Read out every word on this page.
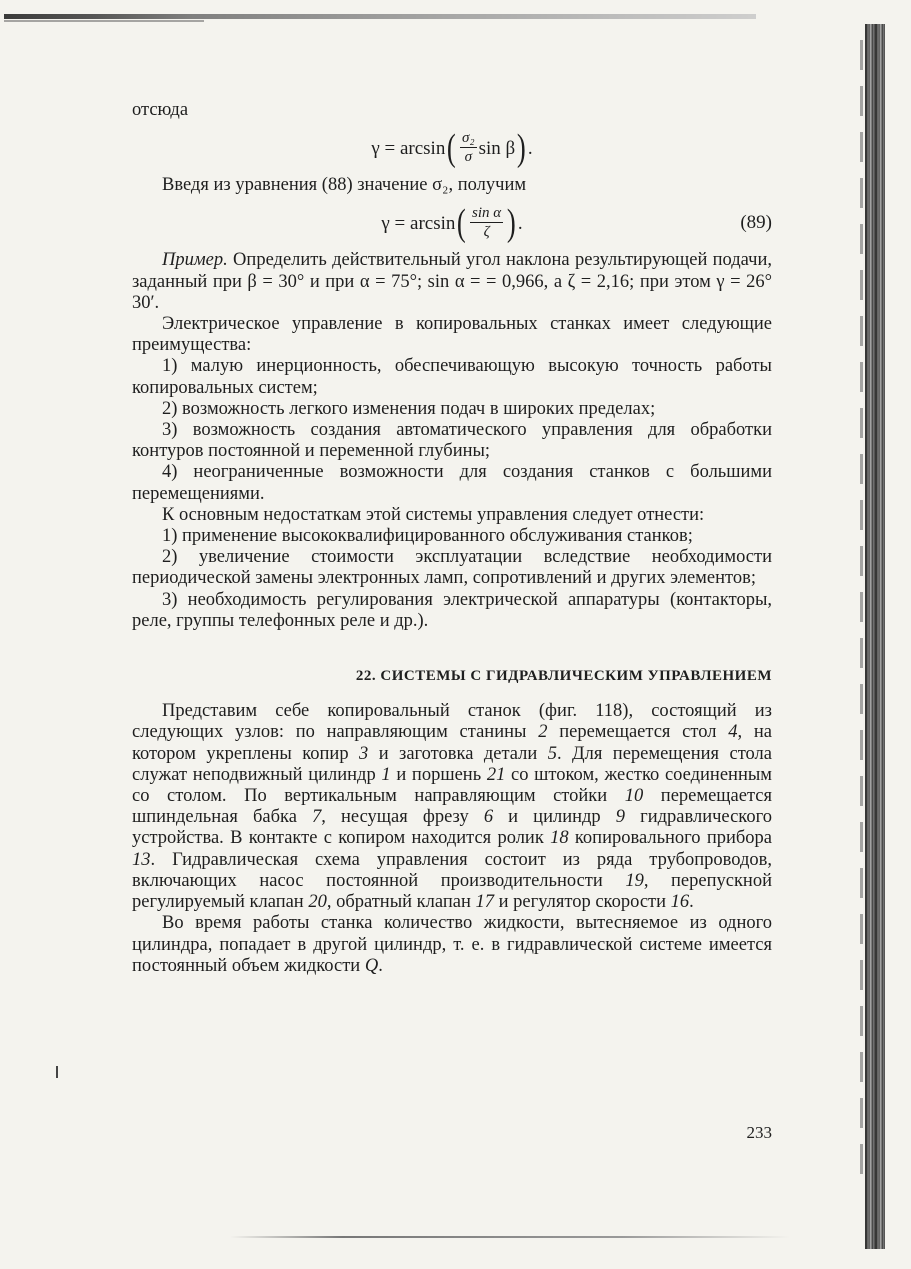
отсюда

γ = arcsin ( $\frac{\text{σ₂}}{\sigma}$ sin β ) .

Введя из уравнения (88) значение σ₂, получим

γ = arcsin ( $\frac{\text{sin α}}{\zeta}$ ) .	(89)

Пример. Определить действительный угол наклона результирующей подачи, заданный при β = 30° и при α = 75°; sin α = = 0,966, а ζ = 2,16; при этом γ = 26° 30′.

Электрическое управление в копировальных станках имеет следующие преимущества:

1) малую инерционность, обеспечивающую высокую точность работы копировальных систем;

2) возможность легкого изменения подач в широких пределах;

3) возможность создания автоматического управления для обработки контуров постоянной и переменной глубины;

4) неограниченные возможности для создания станков с большими перемещениями.

К основным недостаткам этой системы управления следует отнести:

1) применение высококвалифицированного обслуживания станков;

2) увеличение стоимости эксплуатации вследствие необходимости периодической замены электронных ламп, сопротивлений и других элементов;

3) необходимость регулирования электрической аппаратуры (контакторы, реле, группы телефонных реле и др.).

22. СИСТЕМЫ С ГИДРАВЛИЧЕСКИМ УПРАВЛЕНИЕМ

Представим себе копировальный станок (фиг. 118), состоящий из следующих узлов: по направляющим станины 2 перемещается стол 4, на котором укреплены копир 3 и заготовка детали 5. Для перемещения стола служат неподвижный цилиндр 1 и поршень 21 со штоком, жестко соединенным со столом. По вертикальным направляющим стойки 10 перемещается шпиндельная бабка 7, несущая фрезу 6 и цилиндр 9 гидравлического устройства. В контакте с копиром находится ролик 18 копировального прибора 13. Гидравлическая схема управления состоит из ряда трубопроводов, включающих насос постоянной производительности 19, перепускной регулируемый клапан 20, обратный клапан 17 и регулятор скорости 16.

Во время работы станка количество жидкости, вытесняемое из одного цилиндра, попадает в другой цилиндр, т. е. в гидравлической системе имеется постоянный объем жидкости Q.

233
